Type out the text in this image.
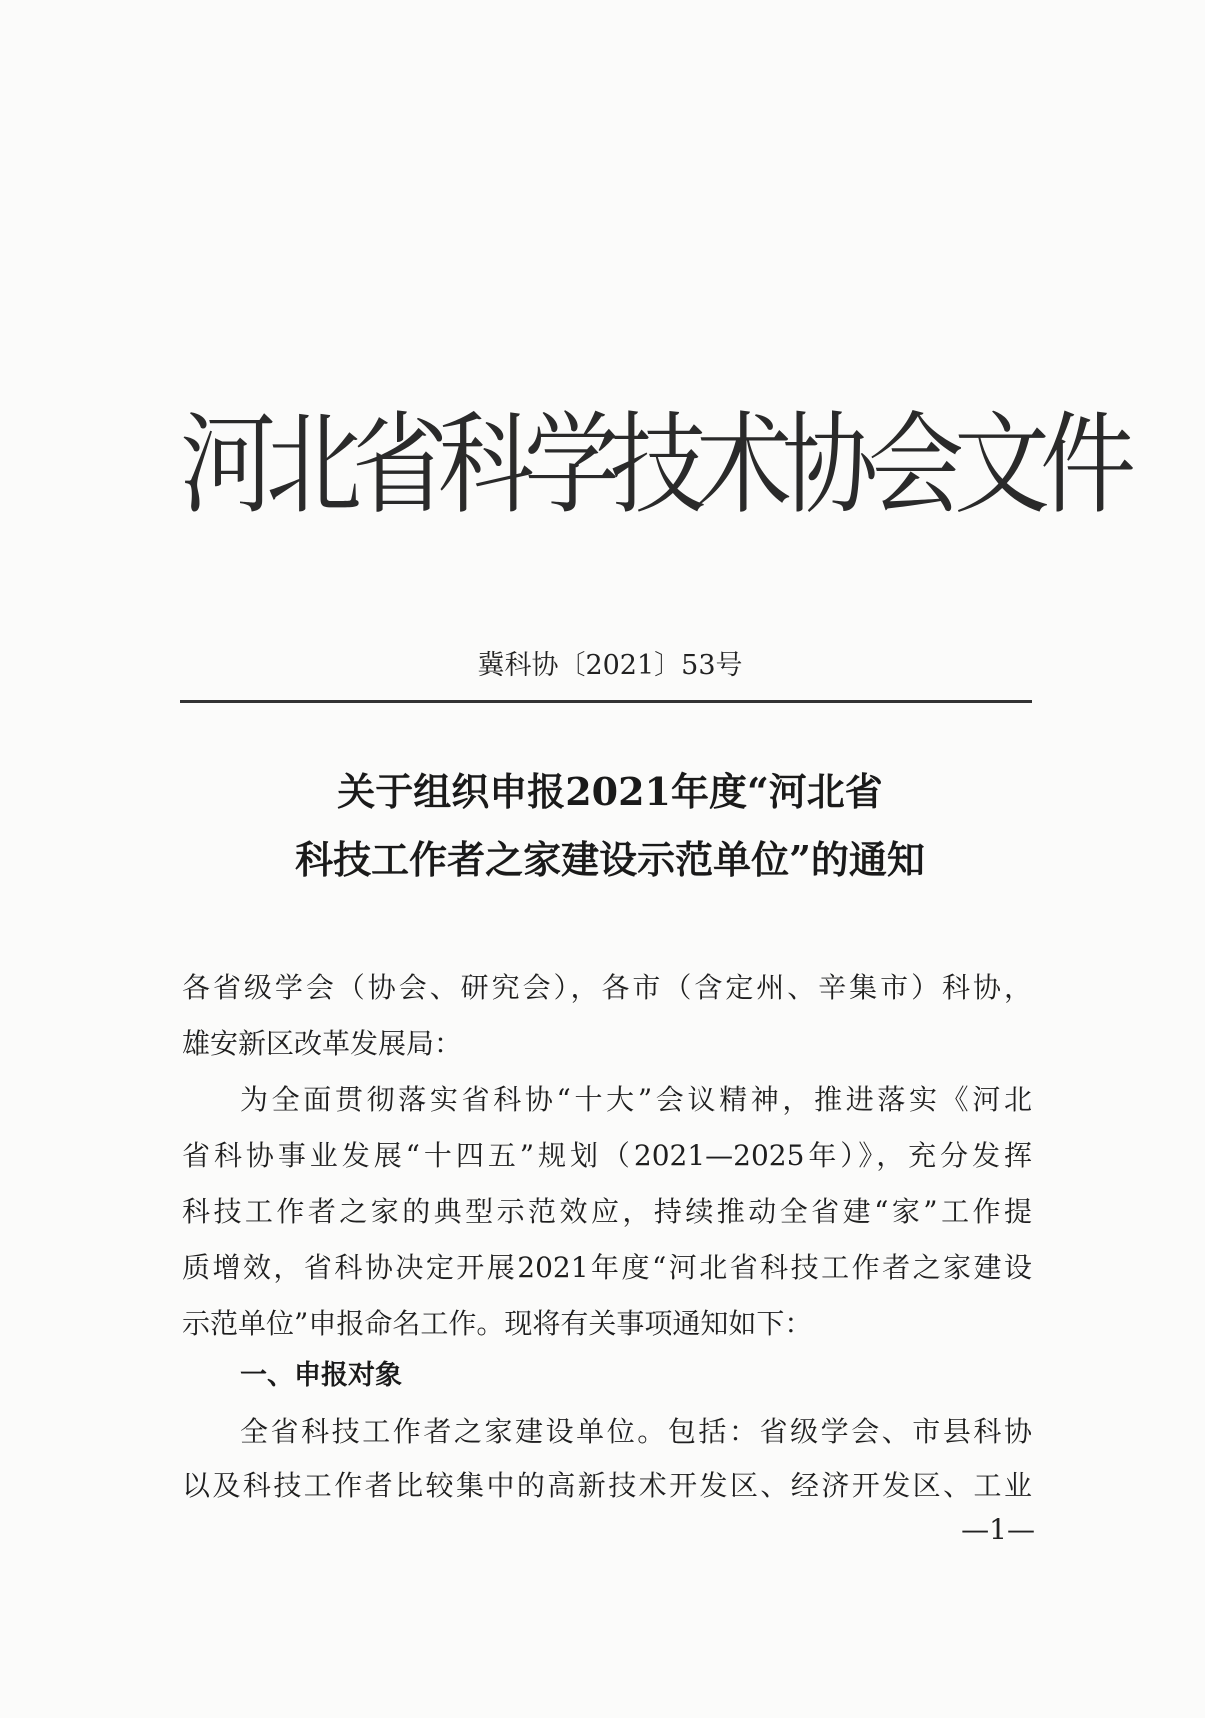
河北省科学技术协会文件
冀科协〔2021〕53号
关于组织申报2021年度“河北省
科技工作者之家建设示范单位”的通知
各省级学会（协会、研究会），各市（含定州、辛集市）科协，
雄安新区改革发展局：
为全面贯彻落实省科协“十大”会议精神，推进落实《河北
省科协事业发展“十四五”规划（2021—2025年）》，充分发挥
科技工作者之家的典型示范效应，持续推动全省建“家”工作提
质增效，省科协决定开展2021年度“河北省科技工作者之家建设
示范单位”申报命名工作。现将有关事项通知如下：
一、申报对象
全省科技工作者之家建设单位。包括：省级学会、市县科协
以及科技工作者比较集中的高新技术开发区、经济开发区、工业
—1—
